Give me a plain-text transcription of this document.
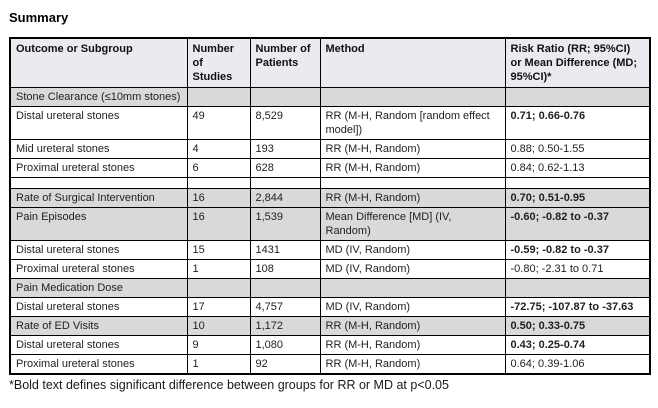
Summary
Outcome or Subgroup	Number of Studies	Number of Patients	Method	Risk Ratio (RR; 95%CI) or Mean Difference (MD; 95%CI)*
Stone Clearance (≤10mm stones)				
Distal ureteral stones	49	8,529	RR (M-H, Random [random effect model])	0.71; 0.66-0.76
Mid ureteral stones	4	193	RR (M-H, Random)	0.88; 0.50-1.55
Proximal ureteral stones	6	628	RR (M-H, Random)	0.84; 0.62-1.13

Rate of Surgical Intervention	16	2,844	RR (M-H, Random)	0.70; 0.51-0.95
Pain Episodes	16	1,539	Mean Difference [MD] (IV, Random)	-0.60; -0.82 to -0.37
Distal ureteral stones	15	1431	MD (IV, Random)	-0.59; -0.82 to -0.37
Proximal ureteral stones	1	108	MD (IV, Random)	-0.80; -2.31 to 0.71
Pain Medication Dose				
Distal ureteral stones	17	4,757	MD (IV, Random)	-72.75; -107.87 to -37.63
Rate of ED Visits	10	1,172	RR (M-H, Random)	0.50; 0.33-0.75
Distal ureteral stones	9	1,080	RR (M-H, Random)	0.43; 0.25-0.74
Proximal ureteral stones	1	92	RR (M-H, Random)	0.64; 0.39-1.06
*Bold text defines significant difference between groups for RR or MD at p<0.05
